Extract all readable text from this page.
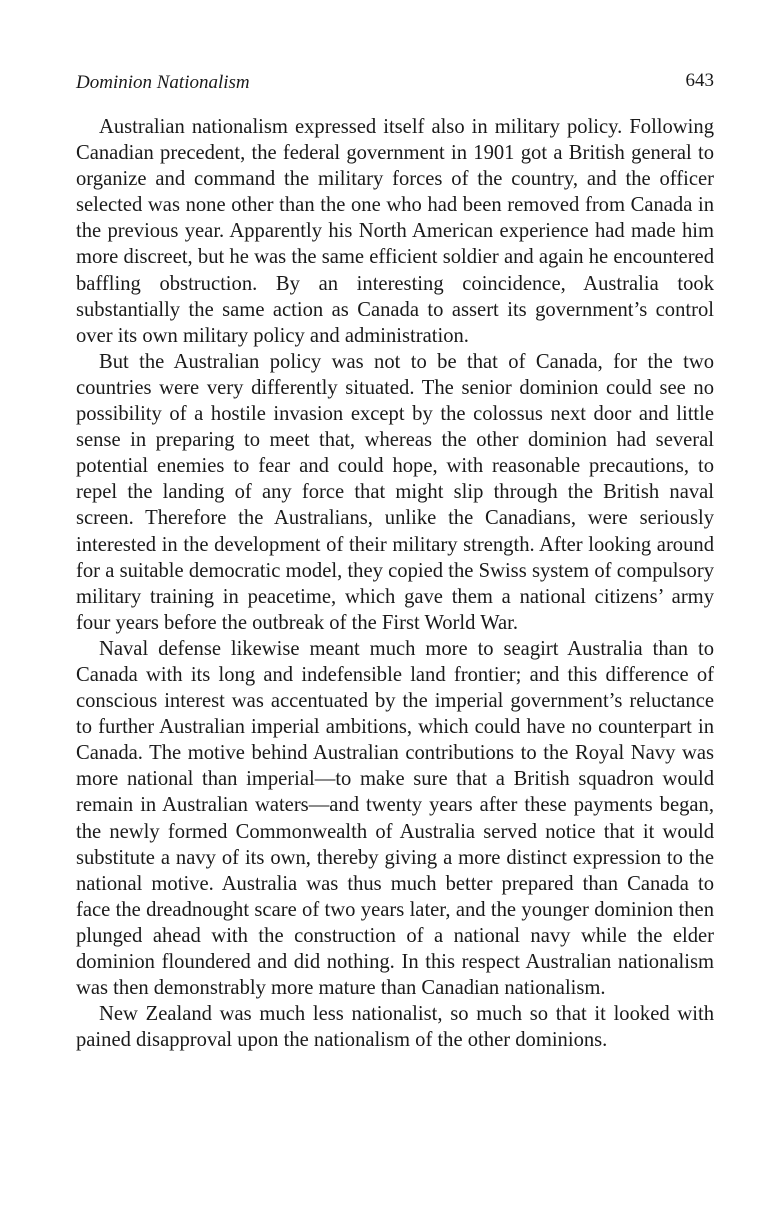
Dominion Nationalism	643

Australian nationalism expressed itself also in military policy. Following Canadian precedent, the federal government in 1901 got a British general to organize and command the military forces of the country, and the officer selected was none other than the one who had been removed from Canada in the previous year. Apparently his North American experience had made him more discreet, but he was the same efficient soldier and again he encountered baffling obstruction. By an interesting coincidence, Australia took substantially the same action as Canada to assert its government’s control over its own military policy and administration.

But the Australian policy was not to be that of Canada, for the two countries were very differently situated. The senior dominion could see no possibility of a hostile invasion except by the colossus next door and little sense in preparing to meet that, whereas the other dominion had several potential enemies to fear and could hope, with reasonable precautions, to repel the landing of any force that might slip through the British naval screen. Therefore the Australians, unlike the Canadians, were seriously interested in the development of their military strength. After looking around for a suitable democratic model, they copied the Swiss system of compulsory military training in peacetime, which gave them a national citizens’ army four years before the outbreak of the First World War.

Naval defense likewise meant much more to seagirt Australia than to Canada with its long and indefensible land frontier; and this difference of conscious interest was accentuated by the imperial government’s reluctance to further Australian imperial ambitions, which could have no counterpart in Canada. The motive behind Australian contributions to the Royal Navy was more national than imperial—to make sure that a British squadron would remain in Australian waters—and twenty years after these payments began, the newly formed Commonwealth of Australia served notice that it would substitute a navy of its own, thereby giving a more distinct expression to the national motive. Australia was thus much better prepared than Canada to face the dreadnought scare of two years later, and the younger dominion then plunged ahead with the construction of a national navy while the elder dominion floundered and did nothing. In this respect Australian nationalism was then demonstrably more mature than Canadian nationalism.

New Zealand was much less nationalist, so much so that it looked with pained disapproval upon the nationalism of the other dominions.
